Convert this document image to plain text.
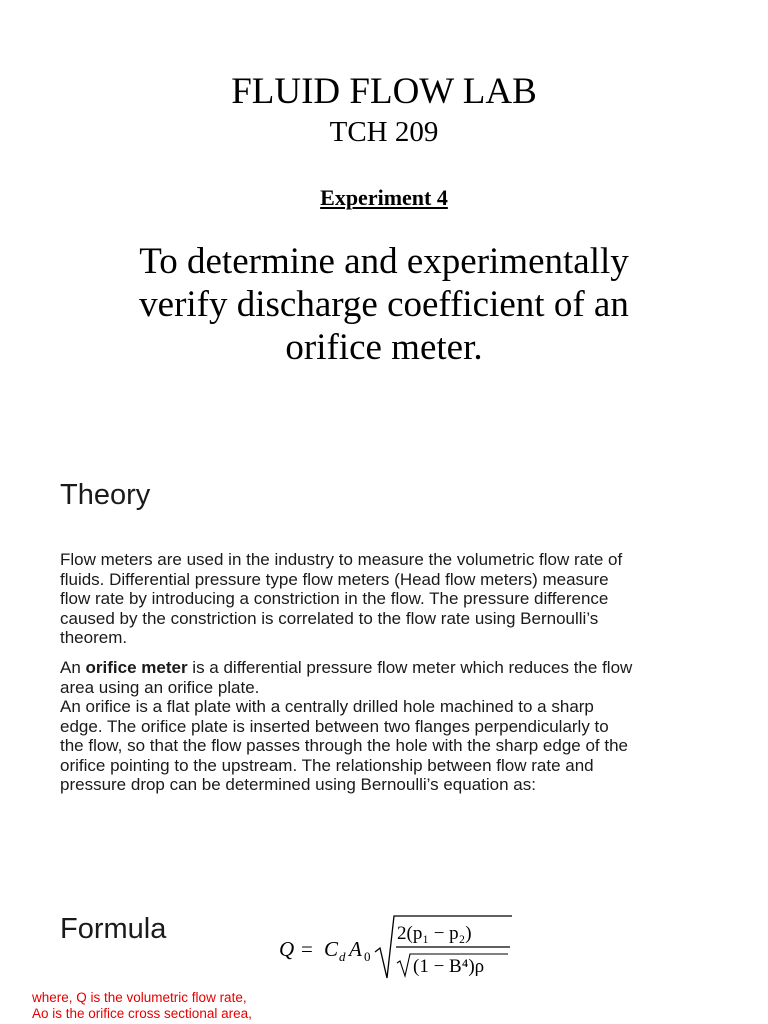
FLUID FLOW LAB
TCH 209
Experiment 4
To determine and experimentally
verify discharge coefficient of an
orifice meter.
Theory
Flow meters are used in the industry to measure the volumetric flow rate of
fluids. Differential pressure type flow meters (Head flow meters) measure
flow rate by introducing a constriction in the flow. The pressure difference
caused by the constriction is correlated to the flow rate using Bernoulli’s
theorem.
An orifice meter is a differential pressure flow meter which reduces the flow
area using an orifice plate.
An orifice is a flat plate with a centrally drilled hole machined to a sharp
edge. The orifice plate is inserted between two flanges perpendicularly to
the flow, so that the flow passes through the hole with the sharp edge of the
orifice pointing to the upstream. The relationship between flow rate and
pressure drop can be determined using Bernoulli’s equation as:
Formula
Q = C d A 0
2(p₁ − p₂)
(1 − B⁴)ρ
where, Q is the volumetric flow rate,
Ao is the orifice cross sectional area,
